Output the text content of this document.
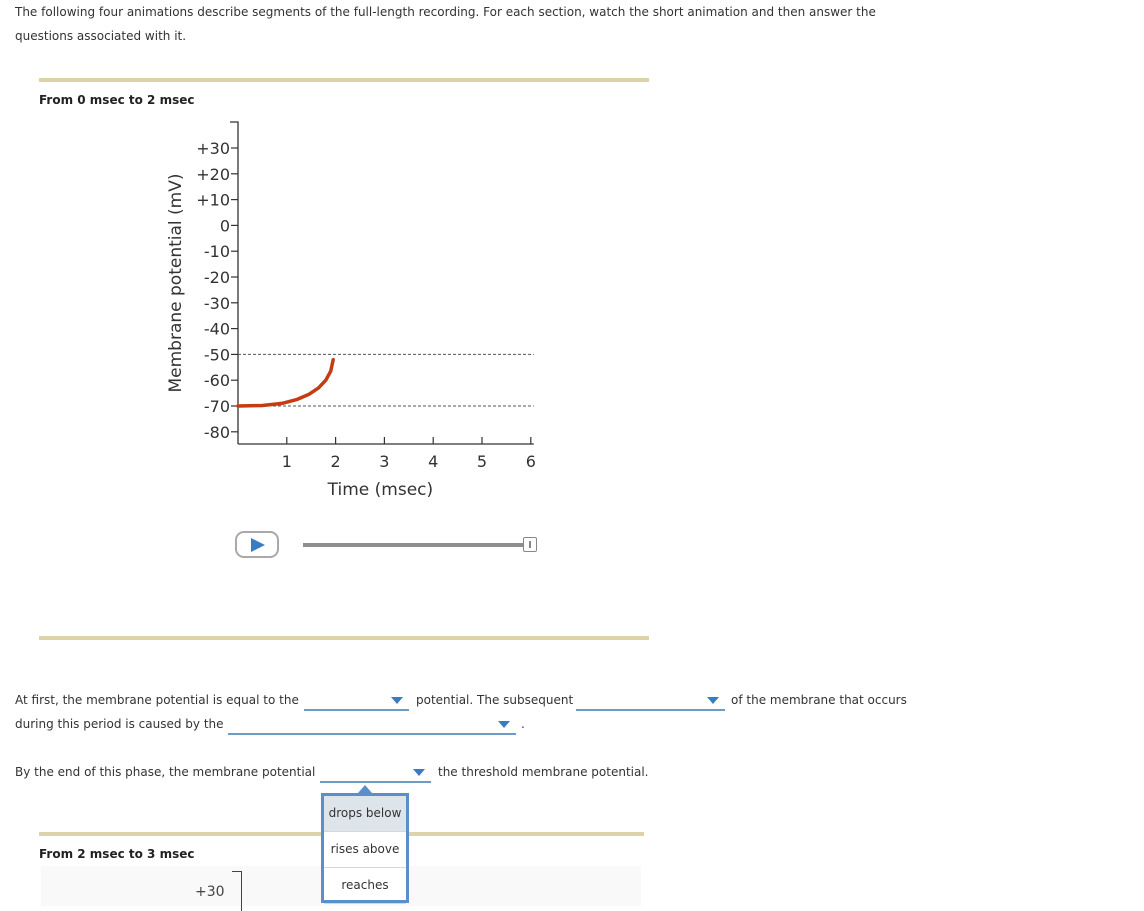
The following four animations describe segments of the full-length recording. For each section, watch the short animation and then answer the questions associated with it.
From 0 msec to 2 msec
+30
+20
+10
0
-10
-20
-30
-40
-50
-60
-70
-80
1 2 3 4 5 6
Time (msec)
Membrane potential (mV)
At first, the membrane potential is equal to the	potential. The subsequent	of the membrane that occurs
during this period is caused by the	.
By the end of this phase, the membrane potential	the threshold membrane potential.
From 2 msec to 3 msec
+30
drops below
rises above
reaches
